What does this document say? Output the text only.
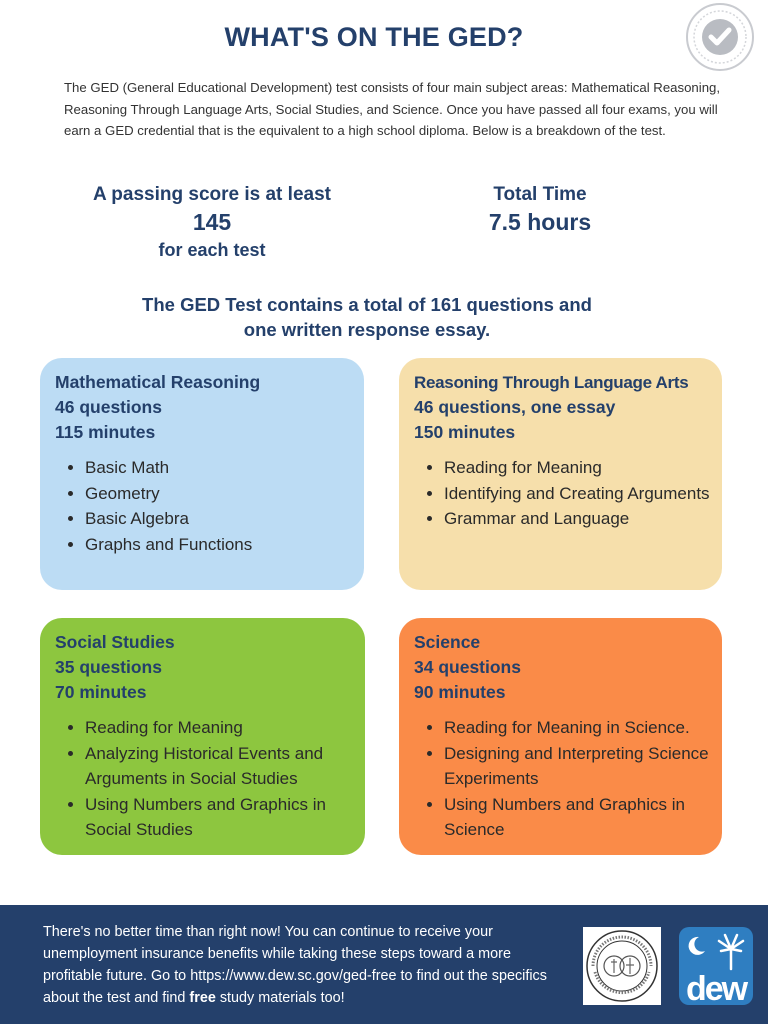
WHAT'S ON THE GED?
The GED (General Educational Development) test consists of four main subject areas: Mathematical Reasoning, Reasoning Through Language Arts, Social Studies, and Science. Once you have passed all four exams, you will earn a GED credential that is the equivalent to a high school diploma. Below is a breakdown of the test.
A passing score is at least
145
for each test
Total Time
7.5 hours
The GED Test contains a total of 161 questions and
one written response essay.
Mathematical Reasoning
46 questions
115 minutes
• Basic Math
• Geometry
• Basic Algebra
• Graphs and Functions
Reasoning Through Language Arts
46 questions, one essay
150 minutes
• Reading for Meaning
• Identifying and Creating Arguments
• Grammar and Language
Social Studies
35 questions
70 minutes
• Reading for Meaning
• Analyzing Historical Events and Arguments in Social Studies
• Using Numbers and Graphics in Social Studies
Science
34 questions
90 minutes
• Reading for Meaning in Science.
• Designing and Interpreting Science Experiments
• Using Numbers and Graphics in Science
There's no better time than right now! You can continue to receive your unemployment insurance benefits while taking these steps toward a more profitable future. Go to https://www.dew.sc.gov/ged-free to find out the specifics about the test and find free study materials too!	dew
